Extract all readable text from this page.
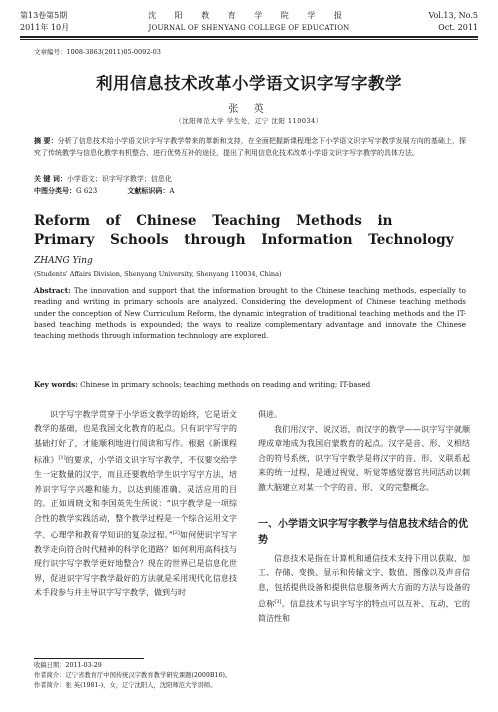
第13卷第5期
2011年 10月
沈 阳 教 育 学 院 学 报
JOURNAL OF SHENYANG COLLEGE OF EDUCATION
Vol.13, No.5
Oct. 2011
文章编号：1008-3863(2011)05-0092-03
利用信息技术改革小学语文识字写字教学
张 英
（沈阳师范大学 学生处，辽宁 沈阳 110034）
摘 要：分析了信息技术给小学语文识字写字教学带来的革新和支持，在全面把握新课程理念下小学语文识字写字教学发展方向的基础上，探究了传统教学与信息化教学有机整合、进行优势互补的途径，提出了利用信息化技术改革小学语文识字写字教学的具体方法。
关 键 词：小学语文；识字写字教学；信息化
中图分类号：G 623	文献标识码：A
Reform of Chinese Teaching Methods in Primary Schools through Information Technology
ZHANG Ying
(Students' Affairs Division, Shenyang University, Shenyang 110034, China)
Abstract: The innovation and support that the information brought to the Chinese teaching methods, especially to reading and writing in primary schools are analyzed. Considering the development of Chinese teaching methods under the conception of New Curriculum Reform, the dynamic integration of traditional teaching methods and the IT-based teaching methods is expounded; the ways to realize complementary advantage and innovate the Chinese teaching methods through information technology are explored.
Key words: Chinese in primary schools; teaching methods on reading and writing; IT-based
识字写字教学贯穿于小学语文教学的始终，它是语文教学的基础，也是我国文化教育的起点。只有识字写字的基础打好了，才能顺利地进行阅读和写作。根据《新课程标准》[1]的要求，小学语文识字写字教学，不仅要交给学生一定数量的汉字，而且还要教给学生识字写字方法，培养识字写字兴趣和能力，以达到能准确、灵活应用的目的。正如周晓文和李国英先生所说：“识字教学是一项综合性的教学实践活动，整个教学过程是一个综合运用文字学、心理学和教育学知识的复杂过程。”[2]如何使识字写字教学走向符合时代精神的科学化道路？如何利用高科技与现行识字写字教学更好地整合？现在的世界已是信息化世界，促进识字写字教学最好的方法就是采用现代化信息技术手段参与并主导识字写字教学，做到与时
俱进。
我们用汉字、说汉语，而汉字的教学——识字写字就顺理成章地成为我国启蒙教育的起点。汉字是音、形、义相结合的符号系统，识字写字教学是将汉字的音、形、义联系起来的统一过程，是通过视觉、听觉等感觉器官共同活动以刺激大脑建立对某一个字的音、形、义的完整概念。
一、小学语文识字写字教学与信息技术结合的优势
信息技术是指在计算机和通信技术支持下用以获取、加工、存储、变换、显示和传输文字、数值、图像以及声音信息，包括提供设备和提供信息服务两大方面的方法与设备的总称[3]。信息技术与识字写字的特点可以互补、互动，它的简洁性和
收稿日期：2011-03-29
作者简介：辽宁省教育厅中国传统汉字教育教学研究课题(2009B16)。
作者简介：张 英(1981-)，女，辽宁沈阳人，沈阳师范大学讲师。
